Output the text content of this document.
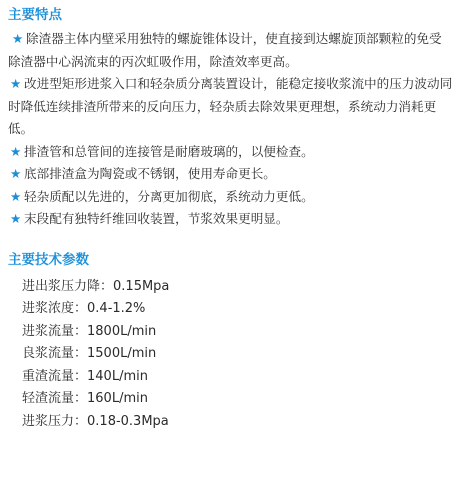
主要特点

★ 除渣器主体内壁采用独特的螺旋锥体设计，使直接到达螺旋顶部颗粒的免受除渣器中心涡流束的丙次虹吸作用，除渣效率更高。

★ 改进型矩形进浆入口和轻杂质分离装置设计，能稳定接收浆流中的压力波动同时降低连续排渣所带来的反向压力，轻杂质去除效果更理想，系统动力消耗更低。

★ 排渣管和总管间的连接管是耐磨玻璃的，以便检查。

★ 底部排渣盒为陶瓷或不锈钢，使用寿命更长。

★ 轻杂质配以先进的，分离更加彻底，系统动力更低。

★ 末段配有独特纤维回收装置，节浆效果更明显。

主要技术参数
进出浆压力降：0.15Mpa
进浆浓度：0.4-1.2%
进浆流量：1800L/min
良浆流量：1500L/min
重渣流量：140L/min
轻渣流量：160L/min
进浆压力：0.18-0.3Mpa
